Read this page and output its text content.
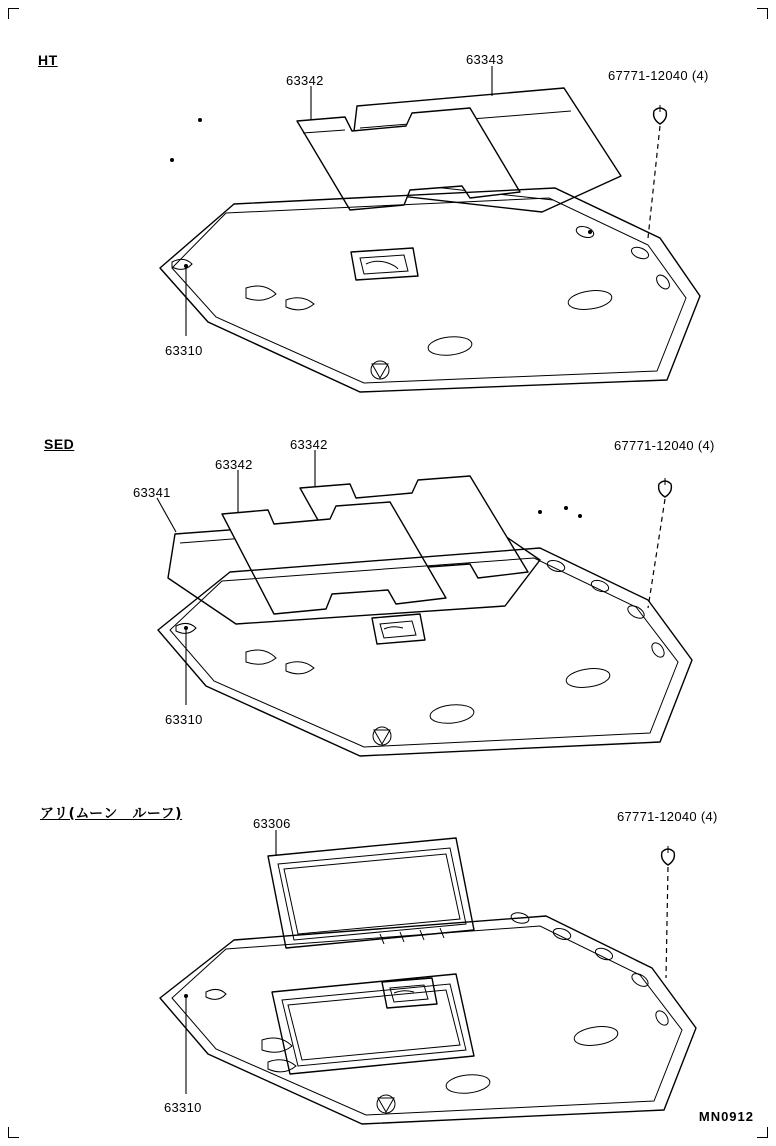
HT
SED
アリ(ムーン　ルーフ)
63342
63343
67771-12040 (4)
63310
63342
63342
63341
67771-12040 (4)
63310
63306	67771-12040 (4)
63310
MN0912
